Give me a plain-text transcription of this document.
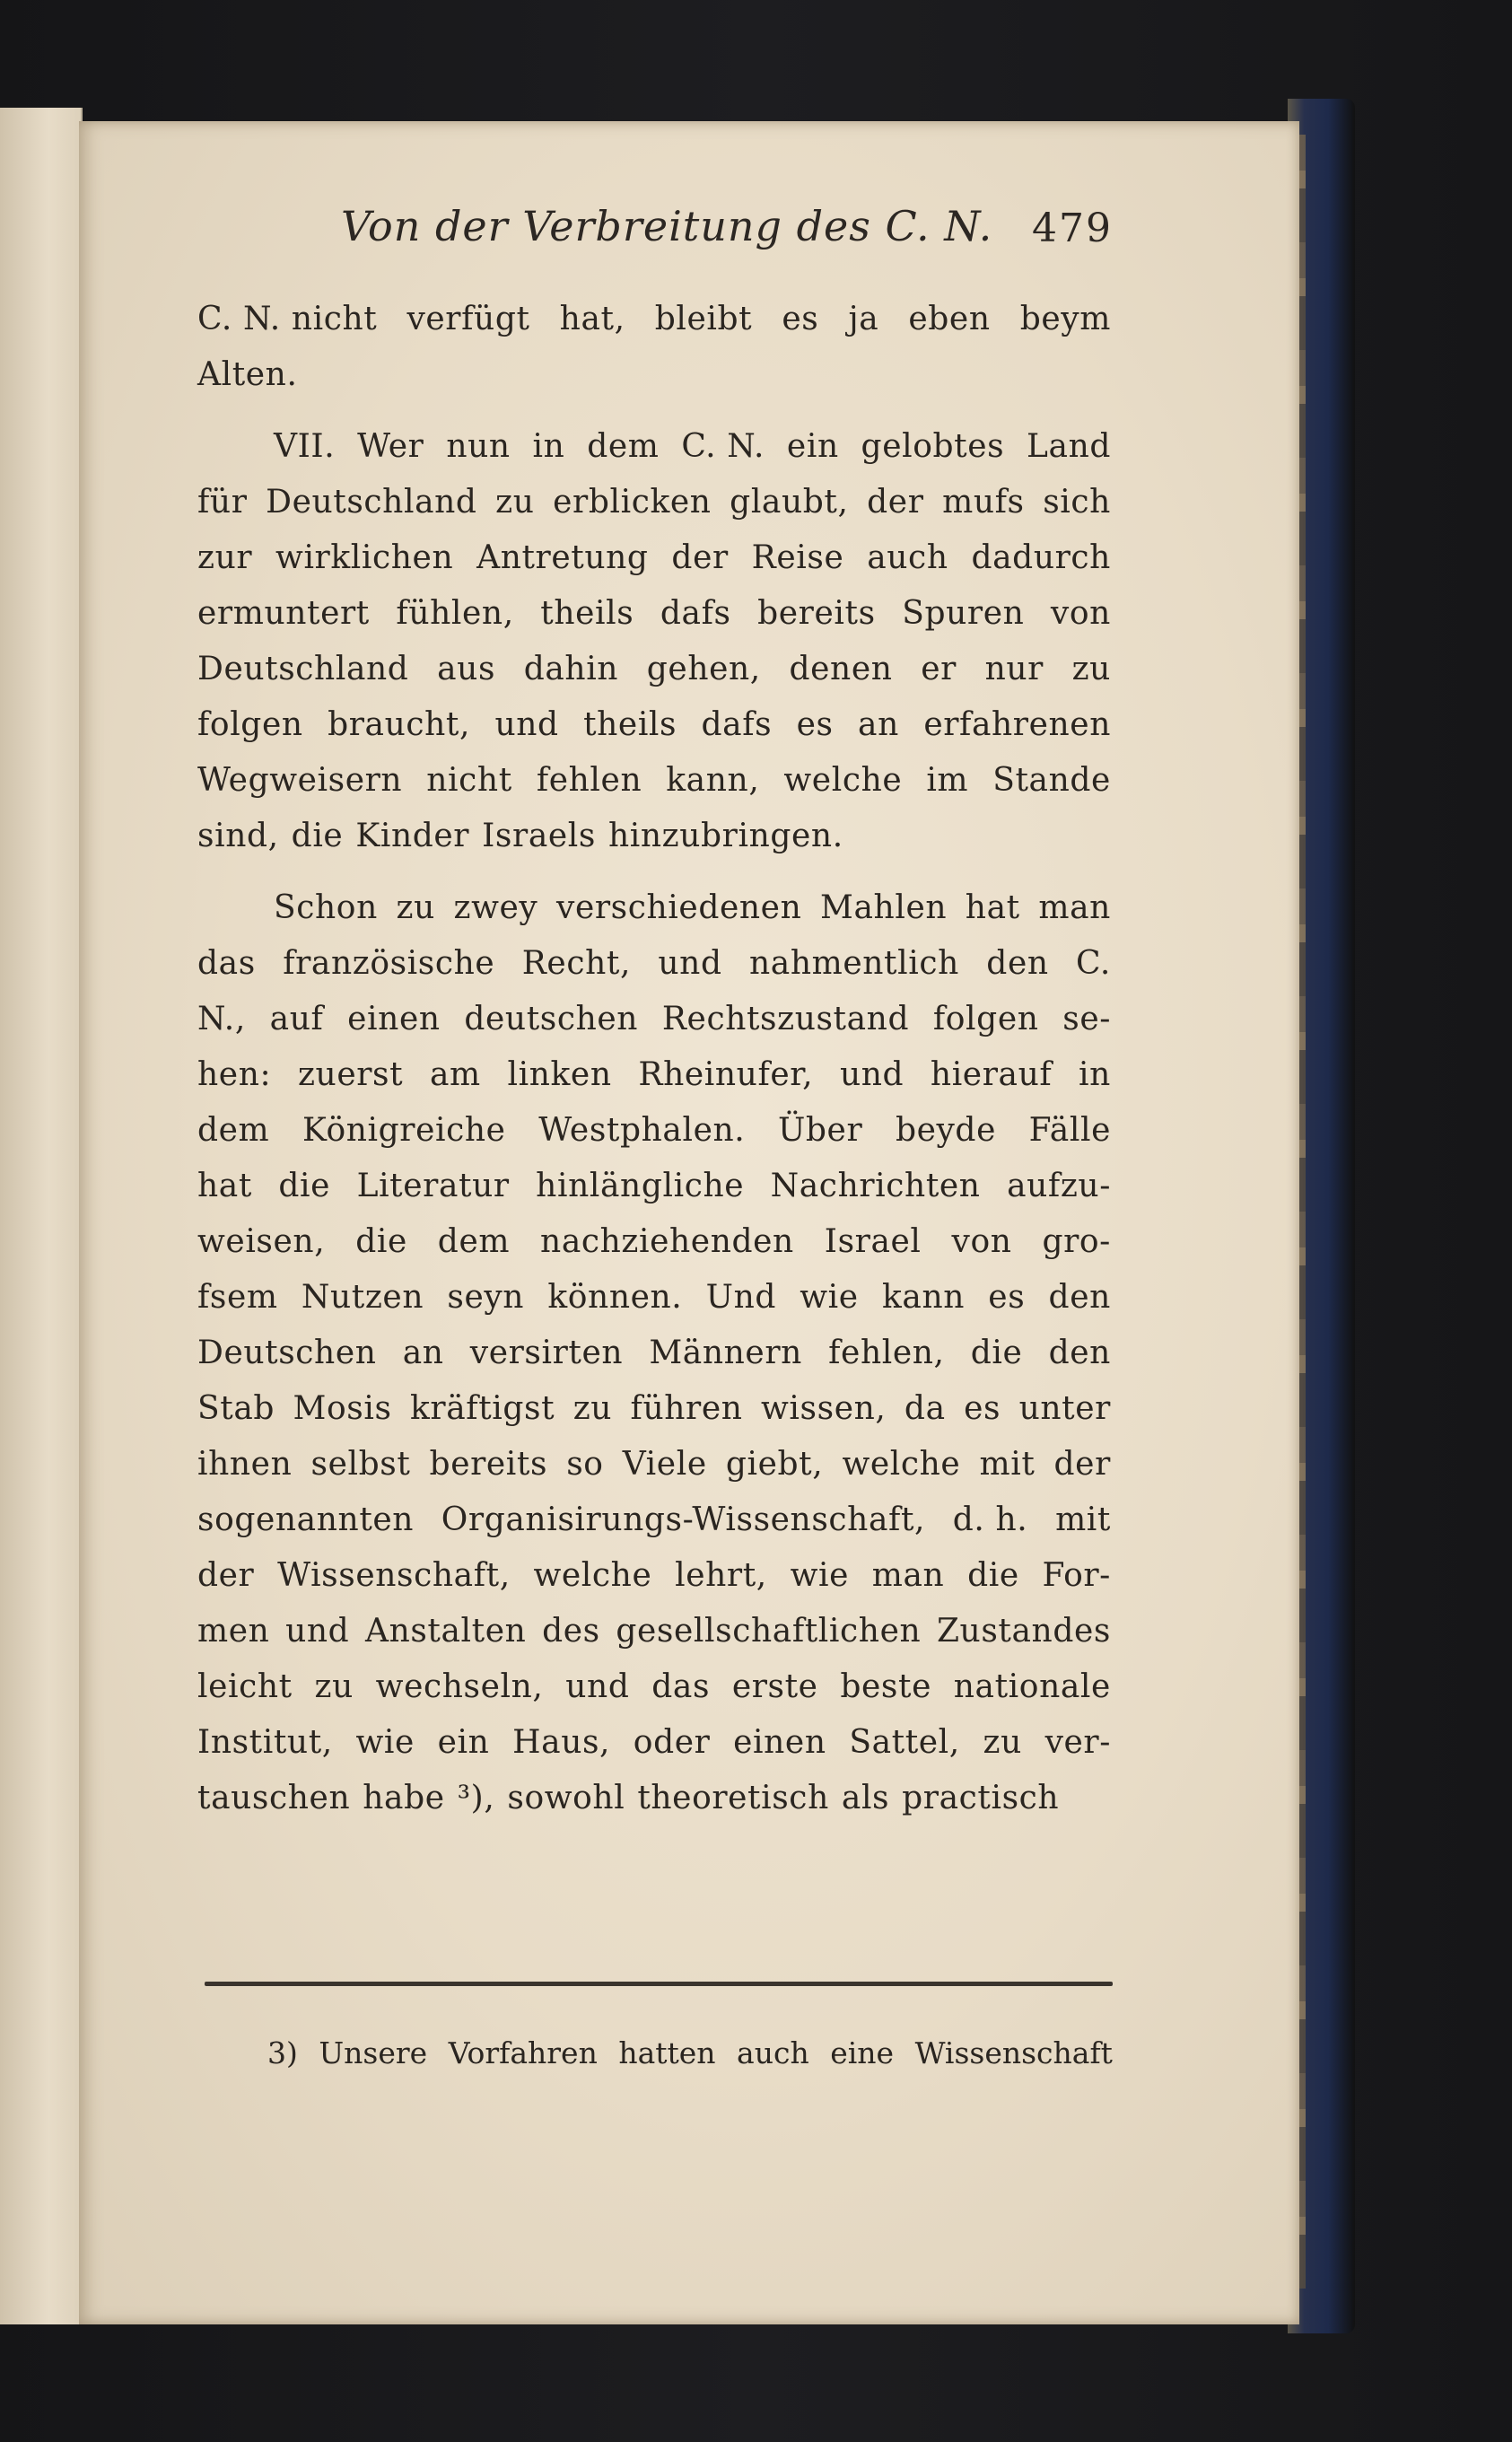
Von der Verbreitung des C. N. 479
C. N. nicht verfügt hat, bleibt es ja eben beym
Alten.
VII. Wer nun in dem C. N. ein gelobtes Land
für Deutschland zu erblicken glaubt, der mufs sich
zur wirklichen Antretung der Reise auch dadurch
ermuntert fühlen, theils dafs bereits Spuren von
Deutschland aus dahin gehen, denen er nur zu
folgen braucht, und theils dafs es an erfahrenen
Wegweisern nicht fehlen kann, welche im Stande
sind, die Kinder Israels hinzubringen.
Schon zu zwey verschiedenen Mahlen hat man
das französische Recht, und nahmentlich den C.
N., auf einen deutschen Rechtszustand folgen se-
hen: zuerst am linken Rheinufer, und hierauf in
dem Königreiche Westphalen. Über beyde Fälle
hat die Literatur hinlängliche Nachrichten aufzu-
weisen, die dem nachziehenden Israel von gro-
fsem Nutzen seyn können. Und wie kann es den
Deutschen an versirten Männern fehlen, die den
Stab Mosis kräftigst zu führen wissen, da es unter
ihnen selbst bereits so Viele giebt, welche mit der
sogenannten Organisirungs-Wissenschaft, d. h. mit
der Wissenschaft, welche lehrt, wie man die For-
men und Anstalten des gesellschaftlichen Zustandes
leicht zu wechseln, und das erste beste nationale
Institut, wie ein Haus, oder einen Sattel, zu ver-
tauschen habe ³), sowohl theoretisch als practisch
3) Unsere Vorfahren hatten auch eine Wissenschaft
